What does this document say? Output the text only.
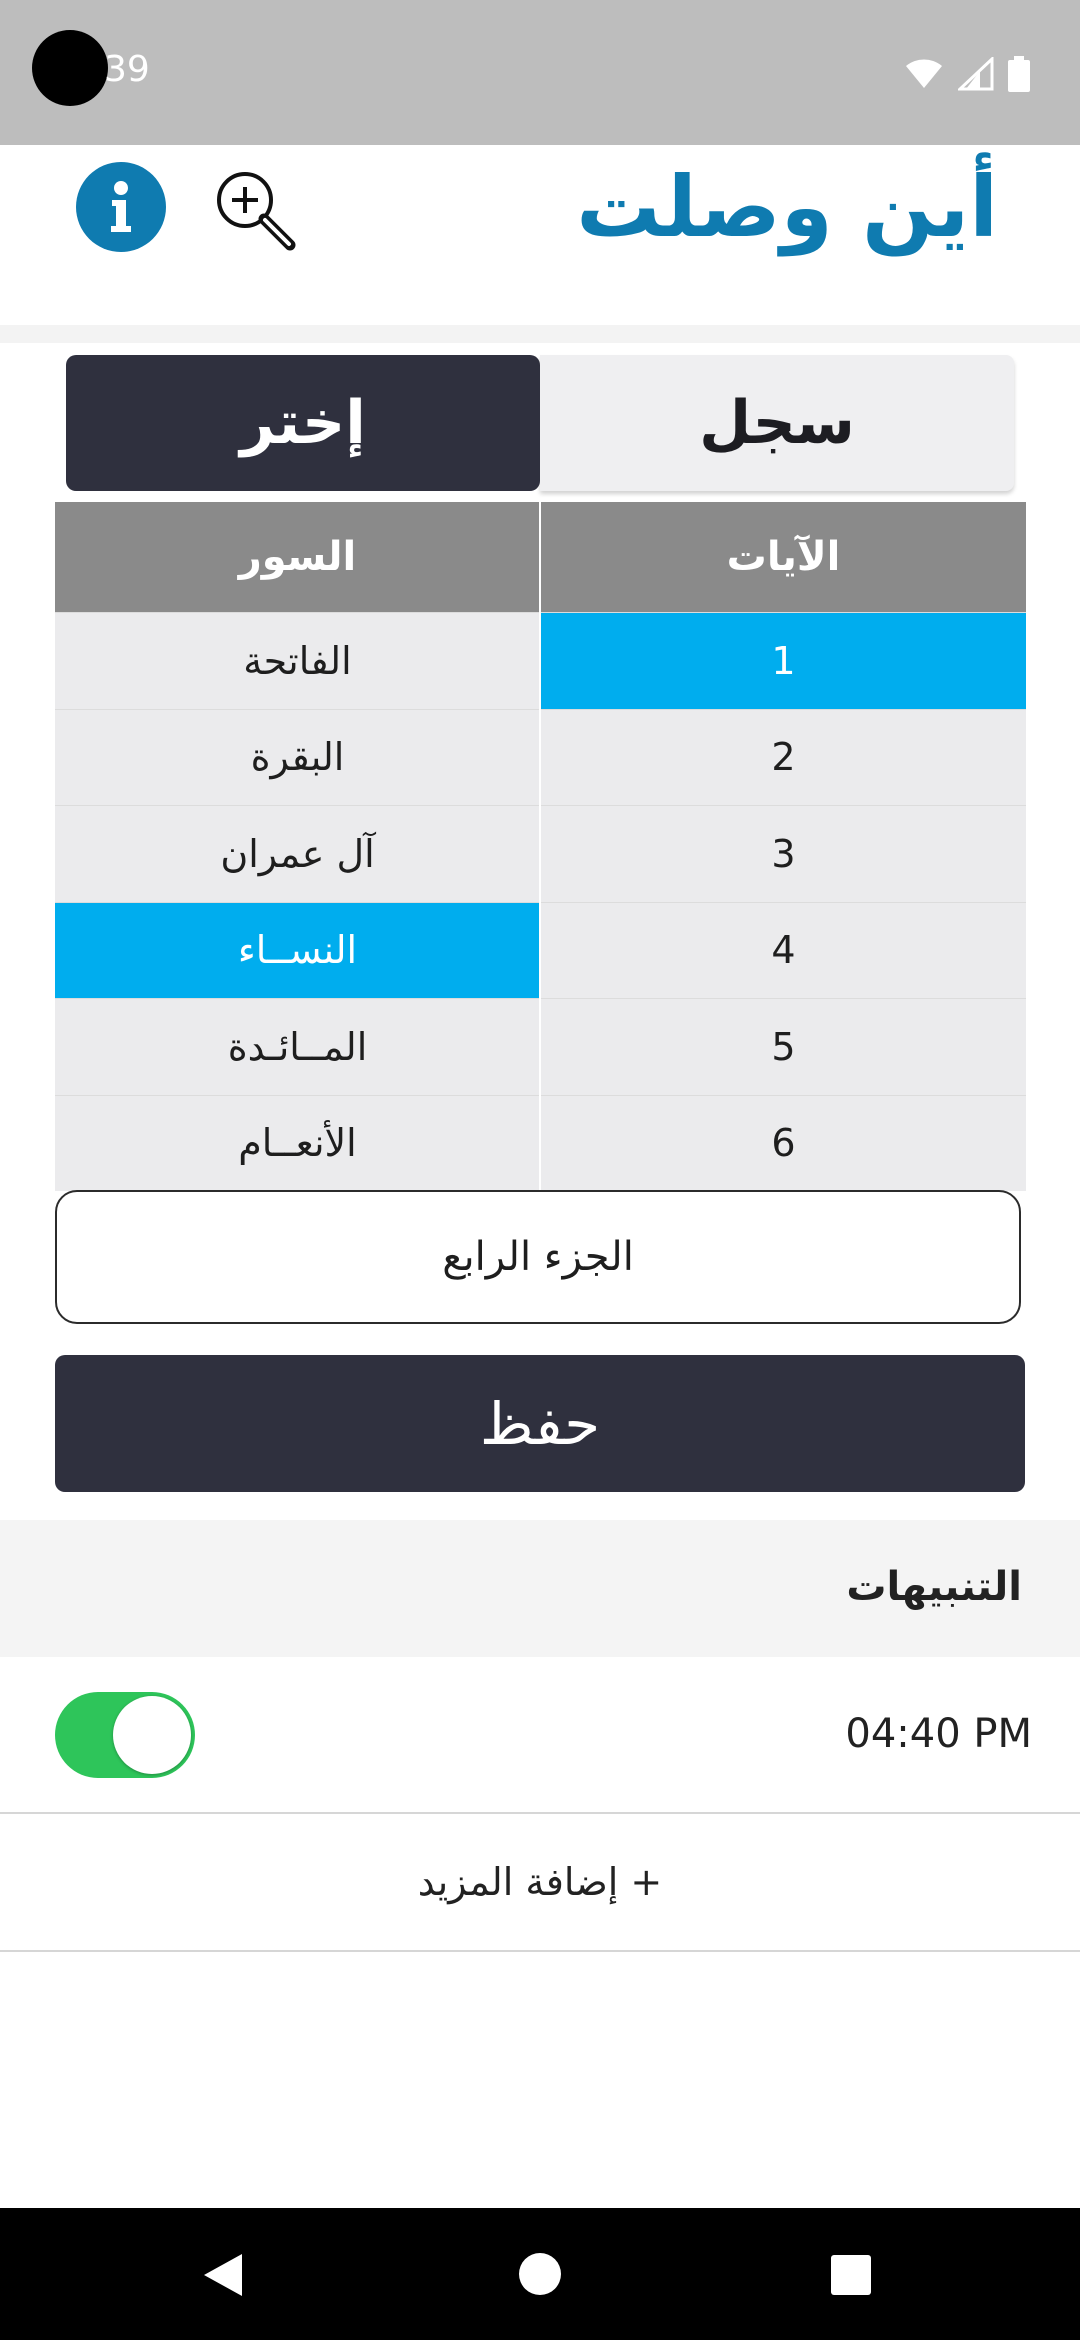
39
أين وصلت
سجل
إختر
السور
الفاتحة
البقرة
آل عمران
النســاء
المــائـدة
الأنعــام
الآيات
1
2
3
4
5
6
الجزء الرابع
حفظ
التنبيهات
04:40 PM
إضافة المزيد +
